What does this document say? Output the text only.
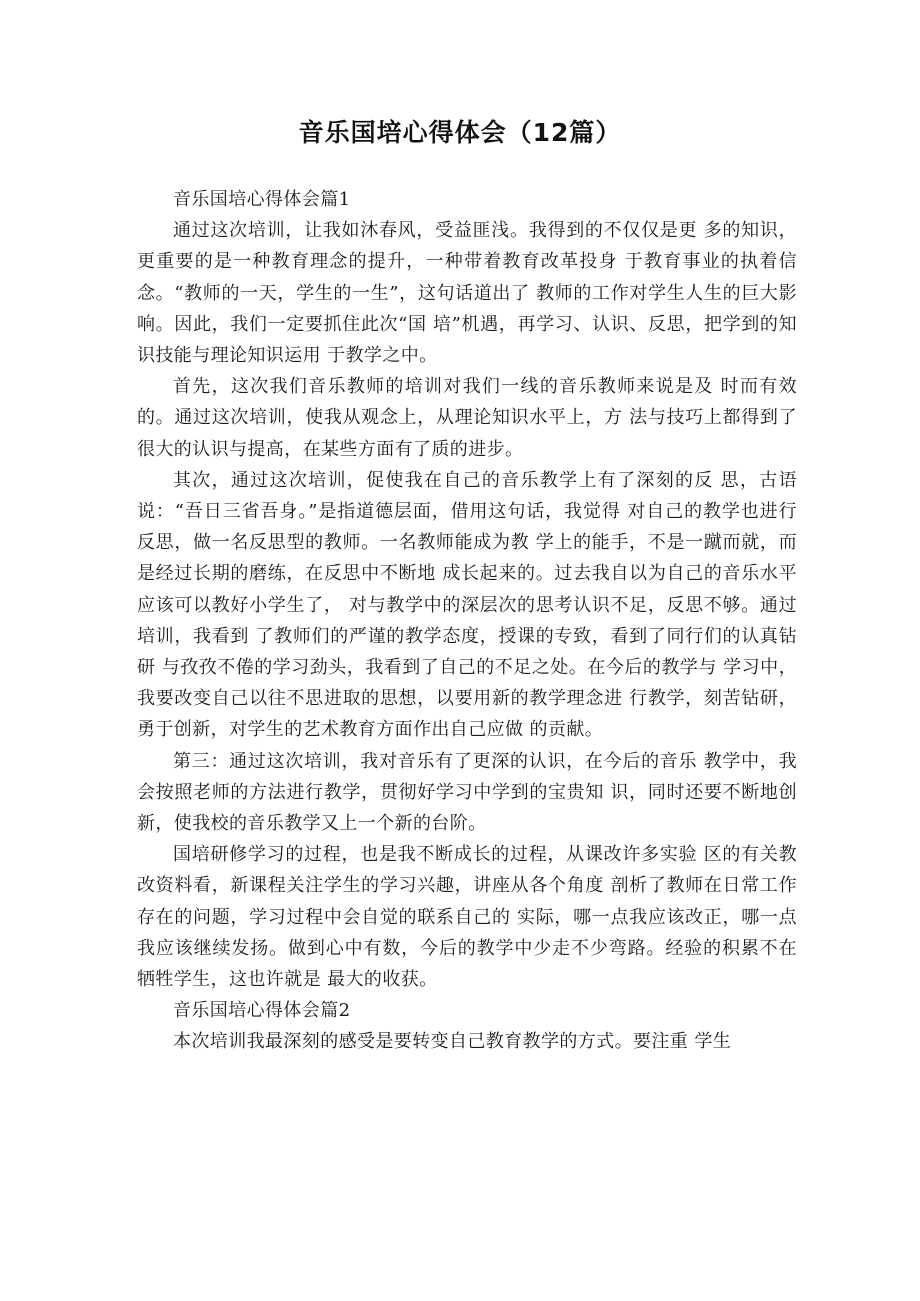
音乐国培心得体会（12篇）
音乐国培心得体会篇1

通过这次培训，让我如沐春风，受益匪浅。我得到的不仅仅是更 多的知识，更重要的是一种教育理念的提升，一种带着教育改革投身 于教育事业的执着信念。“教师的一天，学生的一生”，这句话道出了 教师的工作对学生人生的巨大影响。因此，我们一定要抓住此次“国 培”机遇，再学习、认识、反思，把学到的知识技能与理论知识运用 于教学之中。

首先，这次我们音乐教师的培训对我们一线的音乐教师来说是及 时而有效的。通过这次培训，使我从观念上，从理论知识水平上，方 法与技巧上都得到了很大的认识与提高，在某些方面有了质的进步。

其次，通过这次培训，促使我在自己的音乐教学上有了深刻的反 思，古语说：“吾日三省吾身。”是指道德层面，借用这句话，我觉得 对自己的教学也进行反思，做一名反思型的教师。一名教师能成为教 学上的能手，不是一蹴而就，而是经过长期的磨练，在反思中不断地 成长起来的。过去我自以为自己的音乐水平应该可以教好小学生了， 对与教学中的深层次的思考认识不足，反思不够。通过培训，我看到 了教师们的严谨的教学态度，授课的专致，看到了同行们的认真钻研 与孜孜不倦的学习劲头，我看到了自己的不足之处。在今后的教学与 学习中，我要改变自己以往不思进取的思想，以要用新的教学理念进 行教学，刻苦钻研，勇于创新，对学生的艺术教育方面作出自己应做 的贡献。

第三：通过这次培训，我对音乐有了更深的认识，在今后的音乐 教学中，我会按照老师的方法进行教学，贯彻好学习中学到的宝贵知 识，同时还要不断地创新，使我校的音乐教学又上一个新的台阶。

国培研修学习的过程，也是我不断成长的过程，从课改许多实验 区的有关教改资料看，新课程关注学生的学习兴趣，讲座从各个角度 剖析了教师在日常工作存在的问题，学习过程中会自觉的联系自己的 实际，哪一点我应该改正，哪一点我应该继续发扬。做到心中有数，今后的教学中少走不少弯路。经验的积累不在牺牲学生，这也许就是 最大的收获。

音乐国培心得体会篇2

本次培训我最深刻的感受是要转变自己教育教学的方式。要注重 学生
